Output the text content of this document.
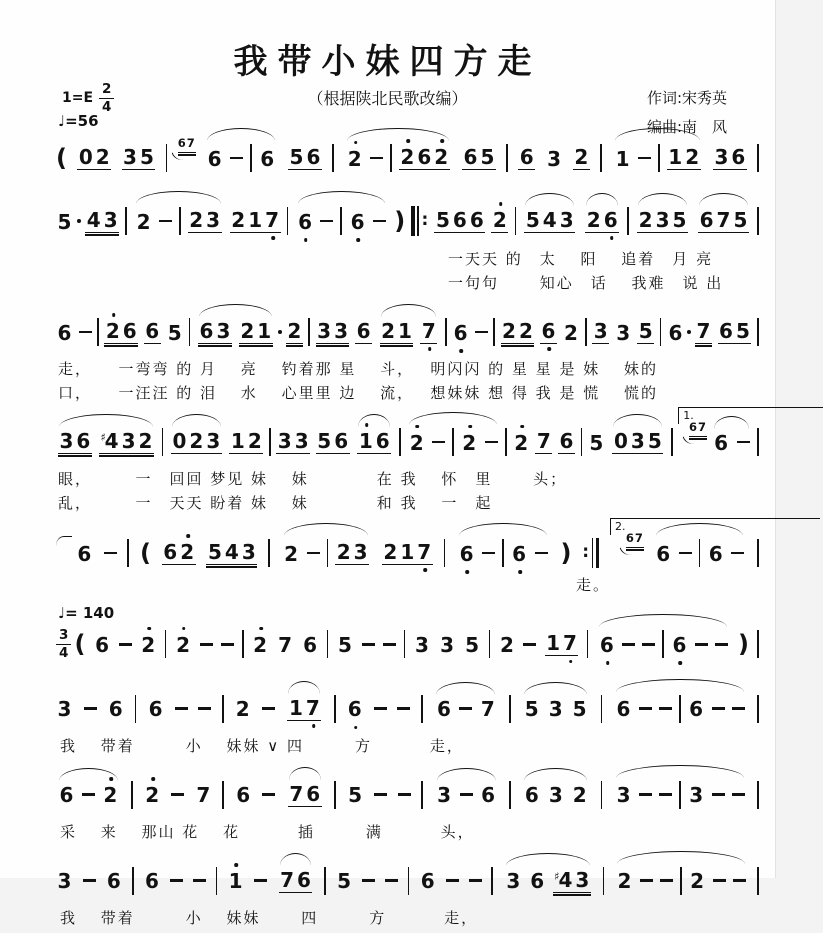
我带小妹四方走
（根据陕北民歌改编）	作词:宋秀英
编曲:南　风
$1=E \frac{2}{4}$
♩=56
( 0 2 3 5
67
6 6 5 6 2 2 6 2 6 5 6 3 2 1 1 2 3 6
5 4 3 2 2 3 2 1 7 6 6 ) : 5 6 6 2 5 4 3 2 6 2 3 5 6 7 5
一天天 的　太　 阳　 追着　月 亮
一句句　　 知心　话　 我难　说 出
6 2 6 6 5 6 3 2 1 2 3 3 6 2 1 7 6 2 2 6 2 3 3 5 6 7 6 5
走，　　一弯弯 的 月　 亮　 钓着那 星　 斗，　 明闪闪 的 星 星 是 妹　 妹的
口，　　一汪汪 的 泪　 水　 心里里 边　 流，　 想妹妹 想 得 我 是 慌　 慌的
3 6 ♯4 3 2 0 2 3 1 2 3 3 5 6 1 6 2 2 2 7 6 5 0 3 5
1.
67
6
眼，　　　一　回回 梦见 妹　 妹　　　　在 我　 怀　里　　 头；
乱，　　　一　天天 盼着 妹　 妹　　　　和 我　 一　起
6 ( 6 2 5 4 3 2 2 3 2 1 7 6 6 ) :
2.
67
6 6
走。
♩= 140
$\frac{3}{4}$ ( 6 2 2	2 7 6 5	3 3 5 2 1 7 6	6 )
3 6 6	2 1 7 6	6 7 5 3 5 6	6
我　 带着　　　小　 妹妹 ∨ 四　　　方　　　 走，
6 2 2 7 6 7 6 5	3 6 6 3 2 3	3
采　 来　 那山 花　 花　　　 插　　　满　　　 头，
3 6 6	1 7 6 5	6	3 6 ♯4 3 2	2
我　 带着　　　小　 妹妹　　 四　　　方　　　 走，
